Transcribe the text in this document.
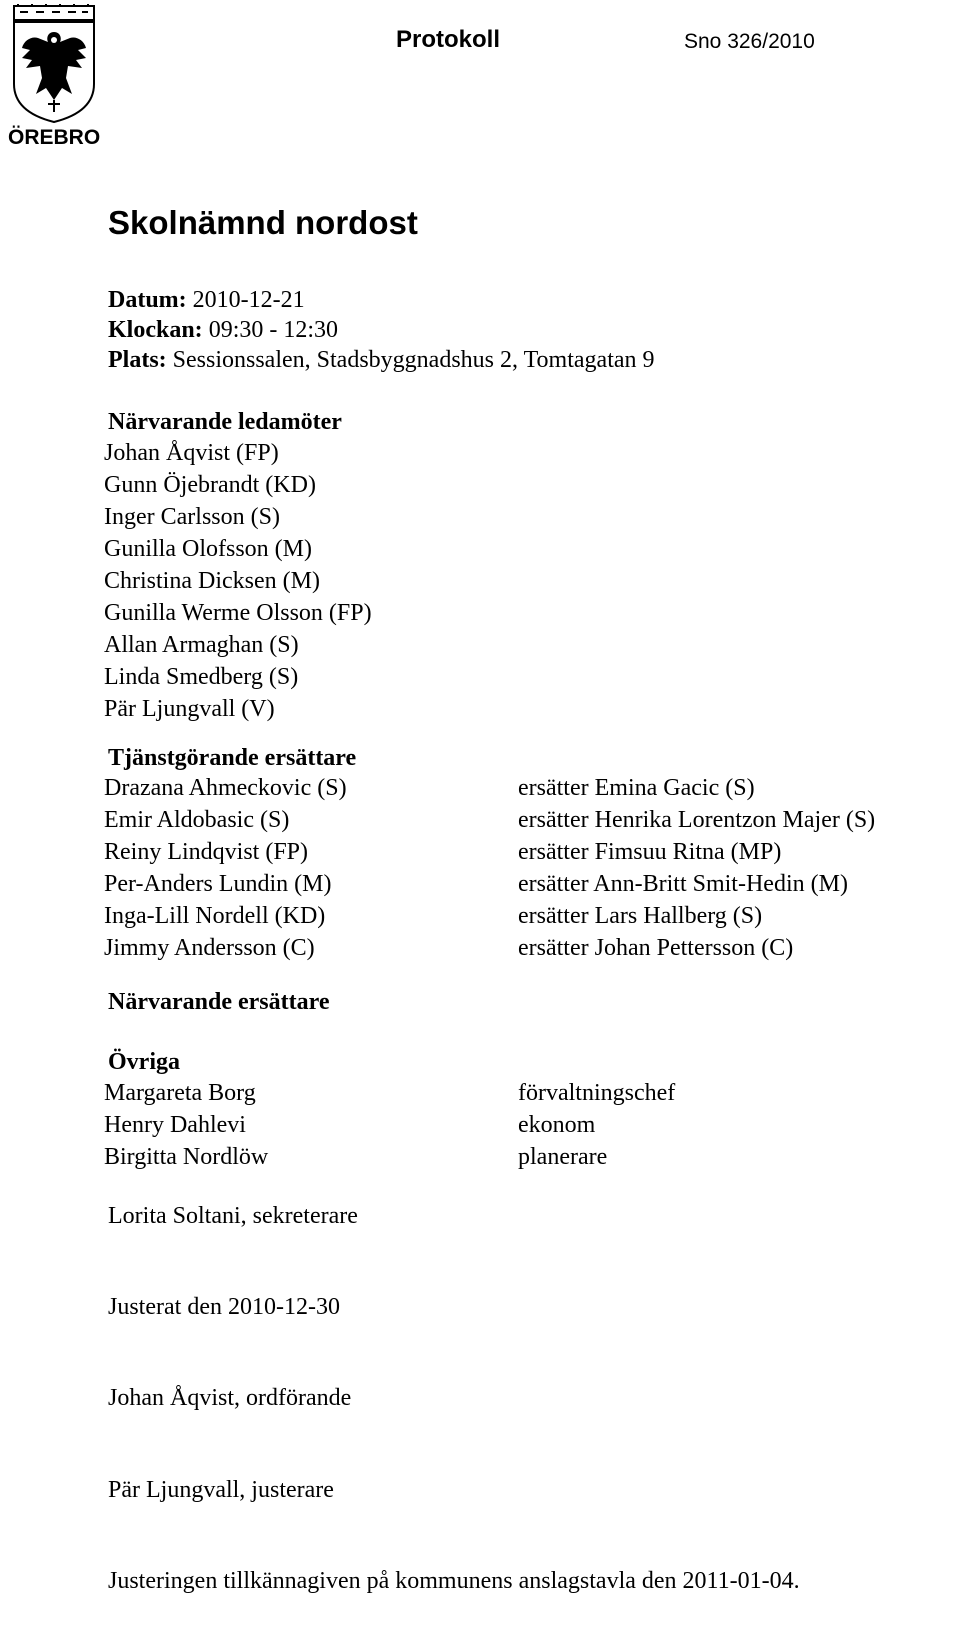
ÖREBRO
Protokoll	Sno 326/2010
Skolnämnd nordost
Datum: 2010-12-21
Klockan: 09:30 - 12:30
Plats: Sessionssalen, Stadsbyggnadshus 2, Tomtagatan 9
Närvarande ledamöter
Johan Åqvist (FP)
Gunn Öjebrandt (KD)
Inger Carlsson (S)
Gunilla Olofsson (M)
Christina Dicksen (M)
Gunilla Werme Olsson (FP)
Allan Armaghan (S)
Linda Smedberg (S)
Pär Ljungvall (V)
Tjänstgörande ersättare
Drazana Ahmeckovic (S)
Emir Aldobasic (S)
Reiny Lindqvist (FP)
Per-Anders Lundin (M)
Inga-Lill Nordell (KD)
Jimmy Andersson (C)
ersätter Emina Gacic (S)
ersätter Henrika Lorentzon Majer (S)
ersätter Fimsuu Ritna (MP)
ersätter Ann-Britt Smit-Hedin (M)
ersätter Lars Hallberg (S)
ersätter Johan Pettersson (C)
Närvarande ersättare
Övriga
Margareta Borg
Henry Dahlevi
Birgitta Nordlöw
förvaltningschef
ekonom
planerare
Lorita Soltani, sekreterare
Justerat den 2010-12-30
Johan Åqvist, ordförande
Pär Ljungvall, justerare
Justeringen tillkännagiven på kommunens anslagstavla den 2011-01-04.
